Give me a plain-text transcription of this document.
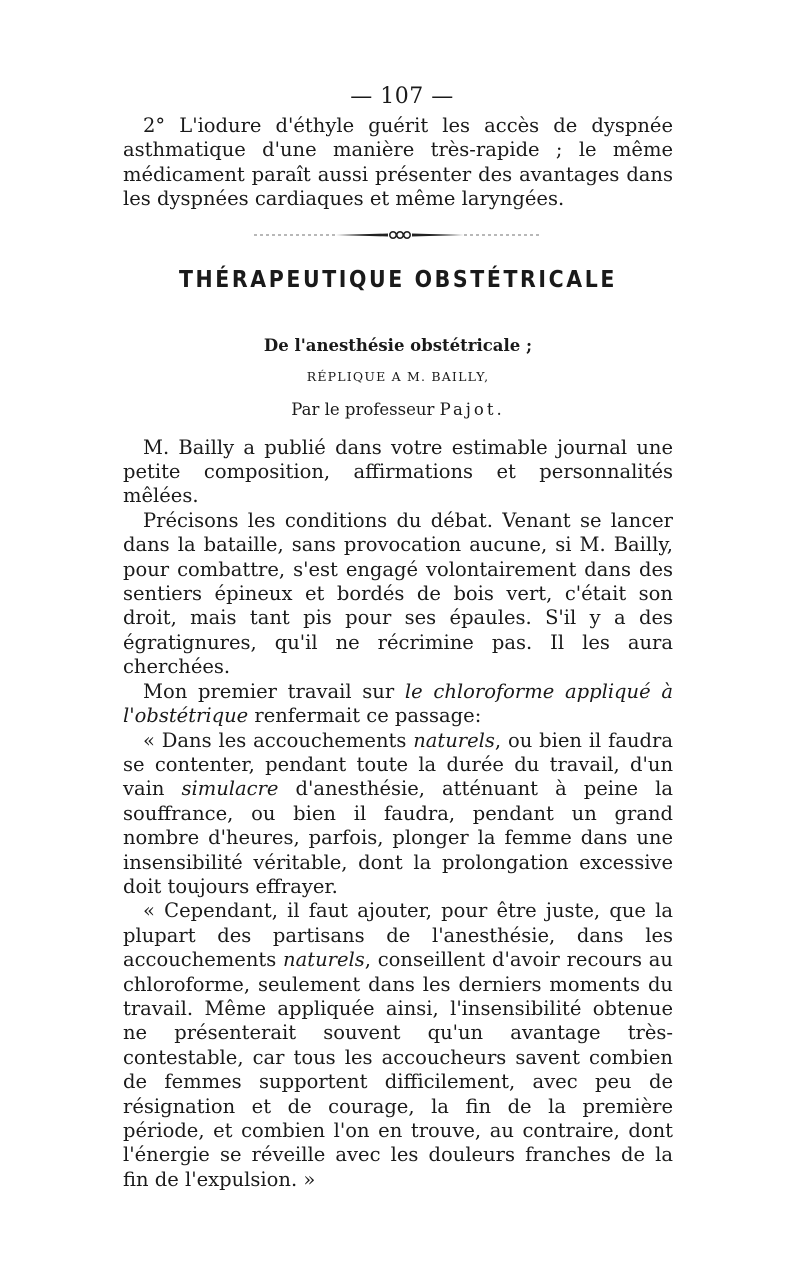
— 107 —

2° L'iodure d'éthyle guérit les accès de dyspnée asthmatique d'une manière très-rapide ; le même médicament paraît aussi présenter des avantages dans les dyspnées cardiaques et même laryngées.

THÉRAPEUTIQUE OBSTÉTRICALE
De l'anesthésie obstétricale ;
RÉPLIQUE A M. BAILLY,
Par le professeur Pajot.

M. Bailly a publié dans votre estimable journal une petite composition, affirmations et personnalités mêlées.

Précisons les conditions du débat. Venant se lancer dans la bataille, sans provocation aucune, si M. Bailly, pour combattre, s'est engagé volontairement dans des sentiers épineux et bordés de bois vert, c'était son droit, mais tant pis pour ses épaules. S'il y a des égratignures, qu'il ne récrimine pas. Il les aura cherchées.

Mon premier travail sur le chloroforme appliqué à l'obstétrique renfermait ce passage:

« Dans les accouchements naturels, ou bien il faudra se contenter, pendant toute la durée du travail, d'un vain simulacre d'anesthésie, atténuant à peine la souffrance, ou bien il faudra, pendant un grand nombre d'heures, parfois, plonger la femme dans une insensibilité véritable, dont la prolongation excessive doit toujours effrayer.

« Cependant, il faut ajouter, pour être juste, que la plupart des partisans de l'anesthésie, dans les accouchements naturels, conseillent d'avoir recours au chloroforme, seulement dans les derniers moments du travail. Même appliquée ainsi, l'insensibilité obtenue ne présenterait souvent qu'un avantage très-contestable, car tous les accoucheurs savent combien de femmes supportent difficilement, avec peu de résignation et de courage, la fin de la première période, et combien l'on en trouve, au contraire, dont l'énergie se réveille avec les douleurs franches de la fin de l'expulsion. »
